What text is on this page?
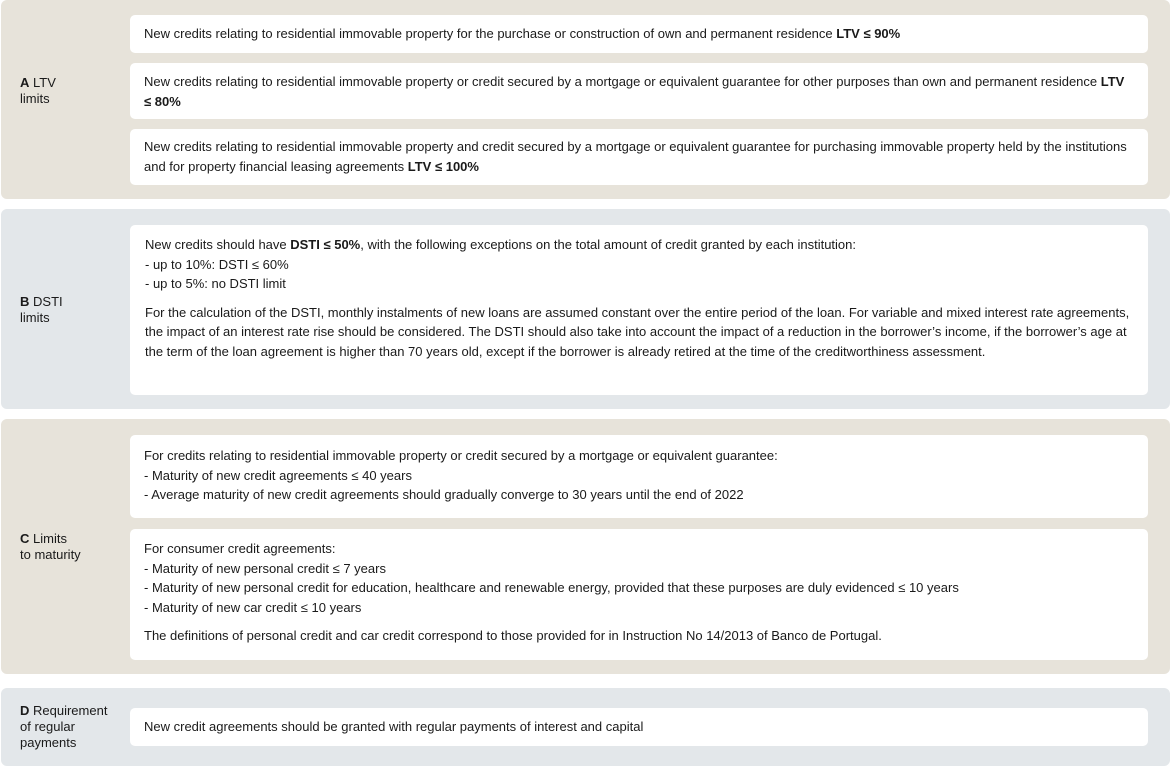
A LTV
limits
New credits relating to residential immovable property for the purchase or construction of own and permanent residence LTV ≤ 90%
New credits relating to residential immovable property or credit secured by a mortgage or equivalent guarantee for other purposes than own and permanent residence LTV ≤ 80%
New credits relating to residential immovable property and credit secured by a mortgage or equivalent guarantee for purchasing immovable property held by the institutions and for property financial leasing agreements LTV ≤ 100%
B DSTI
limits

New credits should have DSTI ≤ 50%, with the following exceptions on the total amount of credit granted by each institution:

- up to 10%: DSTI ≤ 60%

- up to 5%: no DSTI limit

For the calculation of the DSTI, monthly instalments of new loans are assumed constant over the entire period of the loan. For variable and mixed interest rate agreements, the impact of an interest rate rise should be considered. The DSTI should also take into account the impact of a reduction in the borrower’s income, if the borrower’s age at the term of the loan agreement is higher than 70 years old, except if the borrower is already retired at the time of the creditworthiness assessment.

C Limits
to maturity

For credits relating to residential immovable property or credit secured by a mortgage or equivalent guarantee:

- Maturity of new credit agreements ≤ 40 years

- Average maturity of new credit agreements should gradually converge to 30 years until the end of 2022

For consumer credit agreements:

- Maturity of new personal credit ≤ 7 years

- Maturity of new personal credit for education, healthcare and renewable energy, provided that these purposes are duly evidenced ≤ 10 years

- Maturity of new car credit ≤ 10 years

The definitions of personal credit and car credit correspond to those provided for in Instruction No 14/2013 of Banco de Portugal.

D Requirement
of regular
payments
New credit agreements should be granted with regular payments of interest and capital
